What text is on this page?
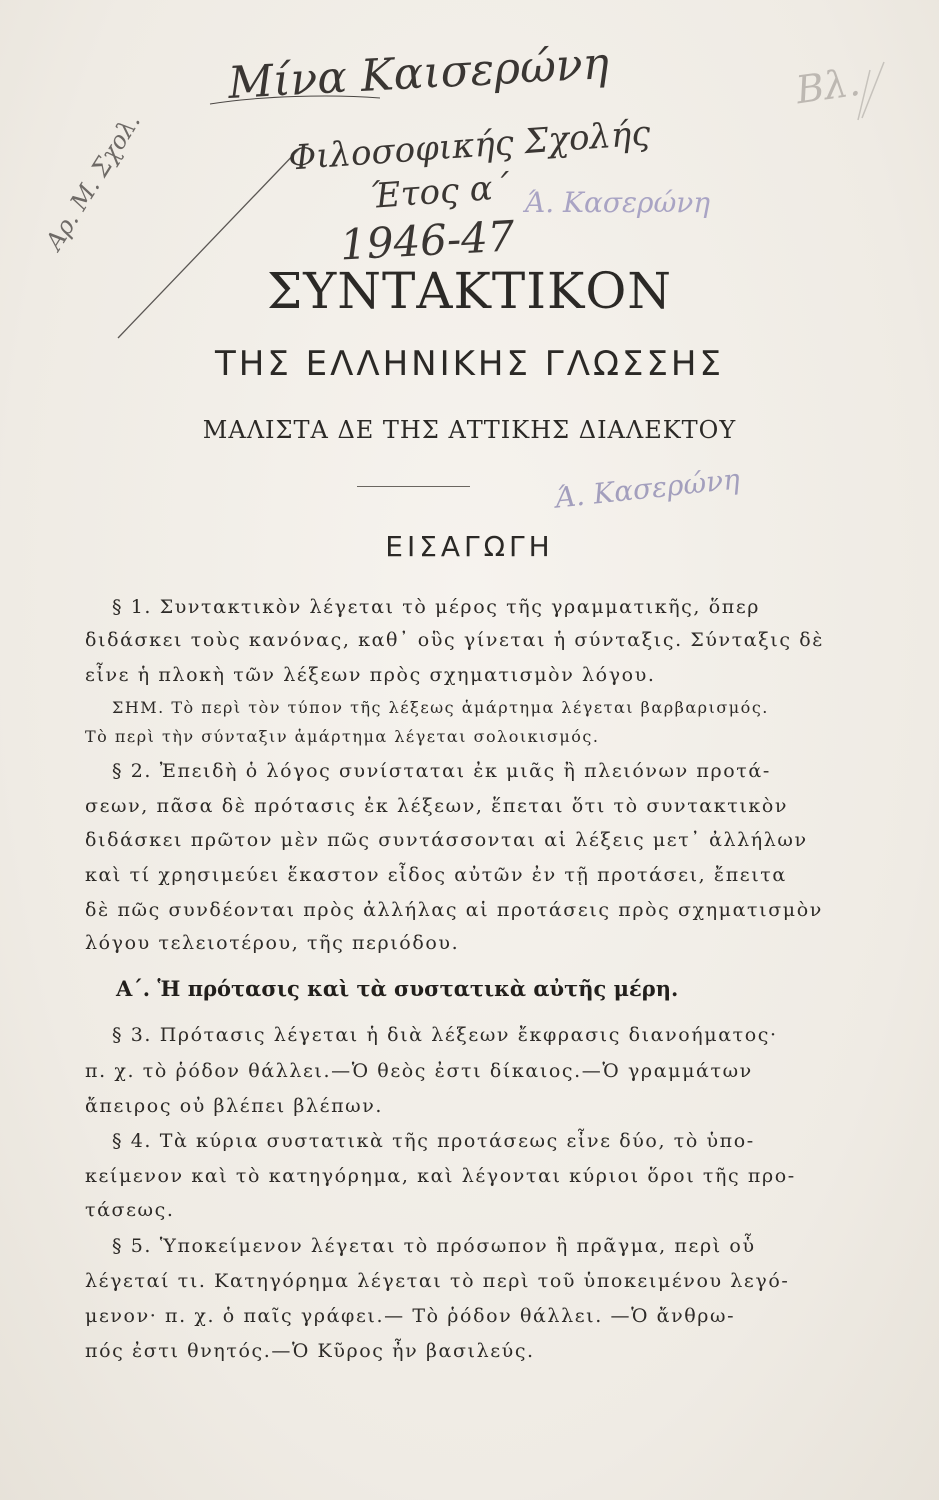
Μίνα Καισερώνη
Φιλοσοφικής Σχολής
Έτος α΄
1946-47
Αρ. Μ. Σχολ.
Βλ.
Ά. Κασερώνη
Ά. Κασερώνη
ΣΥΝΤΑΚΤΙΚΟΝ
ΤΗΣ ΕΛΛΗΝΙΚΗΣ ΓΛΩΣΣΗΣ
ΜΑΛΙΣΤΑ ΔΕ ΤΗΣ ΑΤΤΙΚΗΣ ΔΙΑΛΕΚΤΟΥ
ΕΙΣΑΓΩΓΗ
§ 1. Συντακτικὸν λέγεται τὸ μέρος τῆς γραμματικῆς, ὅπερ
διδάσκει τοὺς κανόνας, καθ᾽ οὓς γίνεται ἡ σύνταξις. Σύνταξις δὲ
εἶνε ἡ πλοκὴ τῶν λέξεων πρὸς σχηματισμὸν λόγου.
ΣΗΜ. Τὸ περὶ τὸν τύπον τῆς λέξεως ἁμάρτημα λέγεται βαρβαρισμός.
Τὸ περὶ τὴν σύνταξιν ἁμάρτημα λέγεται σολοικισμός.
§ 2. Ἐπειδὴ ὁ λόγος συνίσταται ἐκ μιᾶς ἢ πλειόνων προτά-
σεων, πᾶσα δὲ πρότασις ἐκ λέξεων, ἕπεται ὅτι τὸ συντακτικὸν
διδάσκει πρῶτον μὲν πῶς συντάσσονται αἱ λέξεις μετ᾽ ἀλλήλων
καὶ τί χρησιμεύει ἕκαστον εἶδος αὐτῶν ἐν τῇ προτάσει, ἔπειτα
δὲ πῶς συνδέονται πρὸς ἀλλήλας αἱ προτάσεις πρὸς σχηματισμὸν
λόγου τελειοτέρου, τῆς περιόδου.
Α΄. Ἡ πρότασις καὶ τὰ συστατικὰ αὐτῆς μέρη.
§ 3. Πρότασις λέγεται ἡ διὰ λέξεων ἔκφρασις διανοήματος·
π. χ. τὸ ῥόδον θάλλει.—Ὁ θεὸς ἐστι δίκαιος.—Ὁ γραμμάτων
ἄπειρος οὐ βλέπει βλέπων.
§ 4. Τὰ κύρια συστατικὰ τῆς προτάσεως εἶνε δύο, τὸ ὑπο-
κείμενον καὶ τὸ κατηγόρημα, καὶ λέγονται κύριοι ὅροι τῆς προ-
τάσεως.
§ 5. Ὑποκείμενον λέγεται τὸ πρόσωπον ἢ πρᾶγμα, περὶ οὗ
λέγεταί τι. Κατηγόρημα λέγεται τὸ περὶ τοῦ ὑποκειμένου λεγό-
μενον· π. χ. ὁ παῖς γράφει.— Τὸ ῥόδον θάλλει. —Ὁ ἄνθρω-
πός ἐστι θνητός.—Ὁ Κῦρος ἦν βασιλεύς.
